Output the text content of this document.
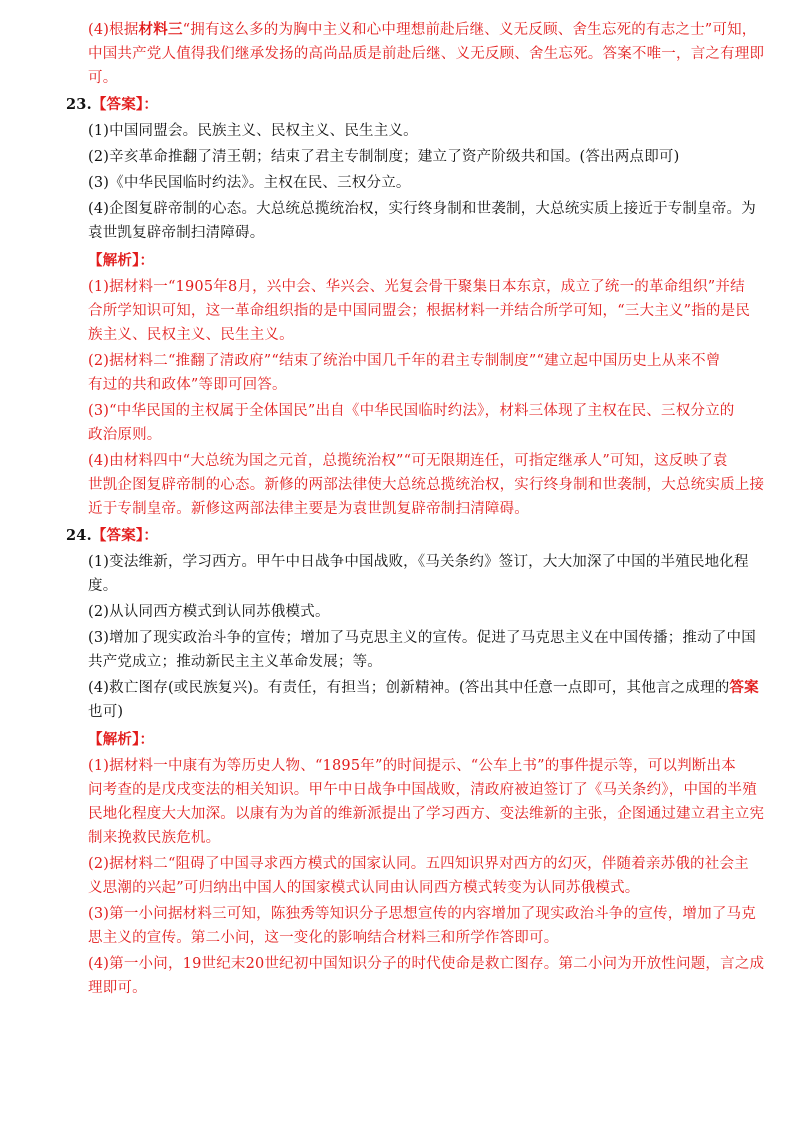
(4)根据材料三“拥有这么多的为胸中主义和心中理想前赴后继、义无反顾、舍生忘死的有志之士”可知，
中国共产党人值得我们继承发扬的高尚品质是前赴后继、义无反顾、舍生忘死。答案不唯一，言之有理即
可。
23.【答案】：
(1)中国同盟会。民族主义、民权主义、民生主义。
(2)辛亥革命推翻了清王朝；结束了君主专制制度；建立了资产阶级共和国。(答出两点即可)
(3)《中华民国临时约法》。主权在民、三权分立。
(4)企图复辟帝制的心态。大总统总揽统治权，实行终身制和世袭制，大总统实质上接近于专制皇帝。为
袁世凯复辟帝制扫清障碍。
【解析】：
(1)据材料一“1905年8月，兴中会、华兴会、光复会骨干聚集日本东京，成立了统一的革命组织”并结
合所学知识可知，这一革命组织指的是中国同盟会；根据材料一并结合所学可知，“三大主义”指的是民
族主义、民权主义、民生主义。
(2)据材料二“推翻了清政府”“结束了统治中国几千年的君主专制制度”“建立起中国历史上从来不曾
有过的共和政体”等即可回答。
(3)“中华民国的主权属于全体国民”出自《中华民国临时约法》，材料三体现了主权在民、三权分立的
政治原则。
(4)由材料四中“大总统为国之元首，总揽统治权”“可无限期连任，可指定继承人”可知，这反映了袁
世凯企图复辟帝制的心态。新修的两部法律使大总统总揽统治权，实行终身制和世袭制，大总统实质上接
近于专制皇帝。新修这两部法律主要是为袁世凯复辟帝制扫清障碍。
24.【答案】：
(1)变法维新，学习西方。甲午中日战争中国战败，《马关条约》签订，大大加深了中国的半殖民地化程
度。
(2)从认同西方模式到认同苏俄模式。
(3)增加了现实政治斗争的宣传；增加了马克思主义的宣传。促进了马克思主义在中国传播；推动了中国
共产党成立；推动新民主主义革命发展；等。
(4)救亡图存(或民族复兴)。有责任，有担当；创新精神。(答出其中任意一点即可，其他言之成理的答案
也可)
【解析】：
(1)据材料一中康有为等历史人物、“1895年”的时间提示、“公车上书”的事件提示等，可以判断出本
问考查的是戊戌变法的相关知识。甲午中日战争中国战败，清政府被迫签订了《马关条约》，中国的半殖
民地化程度大大加深。以康有为为首的维新派提出了学习西方、变法维新的主张，企图通过建立君主立宪
制来挽救民族危机。
(2)据材料二“阻碍了中国寻求西方模式的国家认同。五四知识界对西方的幻灭，伴随着亲苏俄的社会主
义思潮的兴起”可归纳出中国人的国家模式认同由认同西方模式转变为认同苏俄模式。
(3)第一小问据材料三可知，陈独秀等知识分子思想宣传的内容增加了现实政治斗争的宣传，增加了马克
思主义的宣传。第二小问，这一变化的影响结合材料三和所学作答即可。
(4)第一小问，19世纪末20世纪初中国知识分子的时代使命是救亡图存。第二小问为开放性问题，言之成
理即可。
